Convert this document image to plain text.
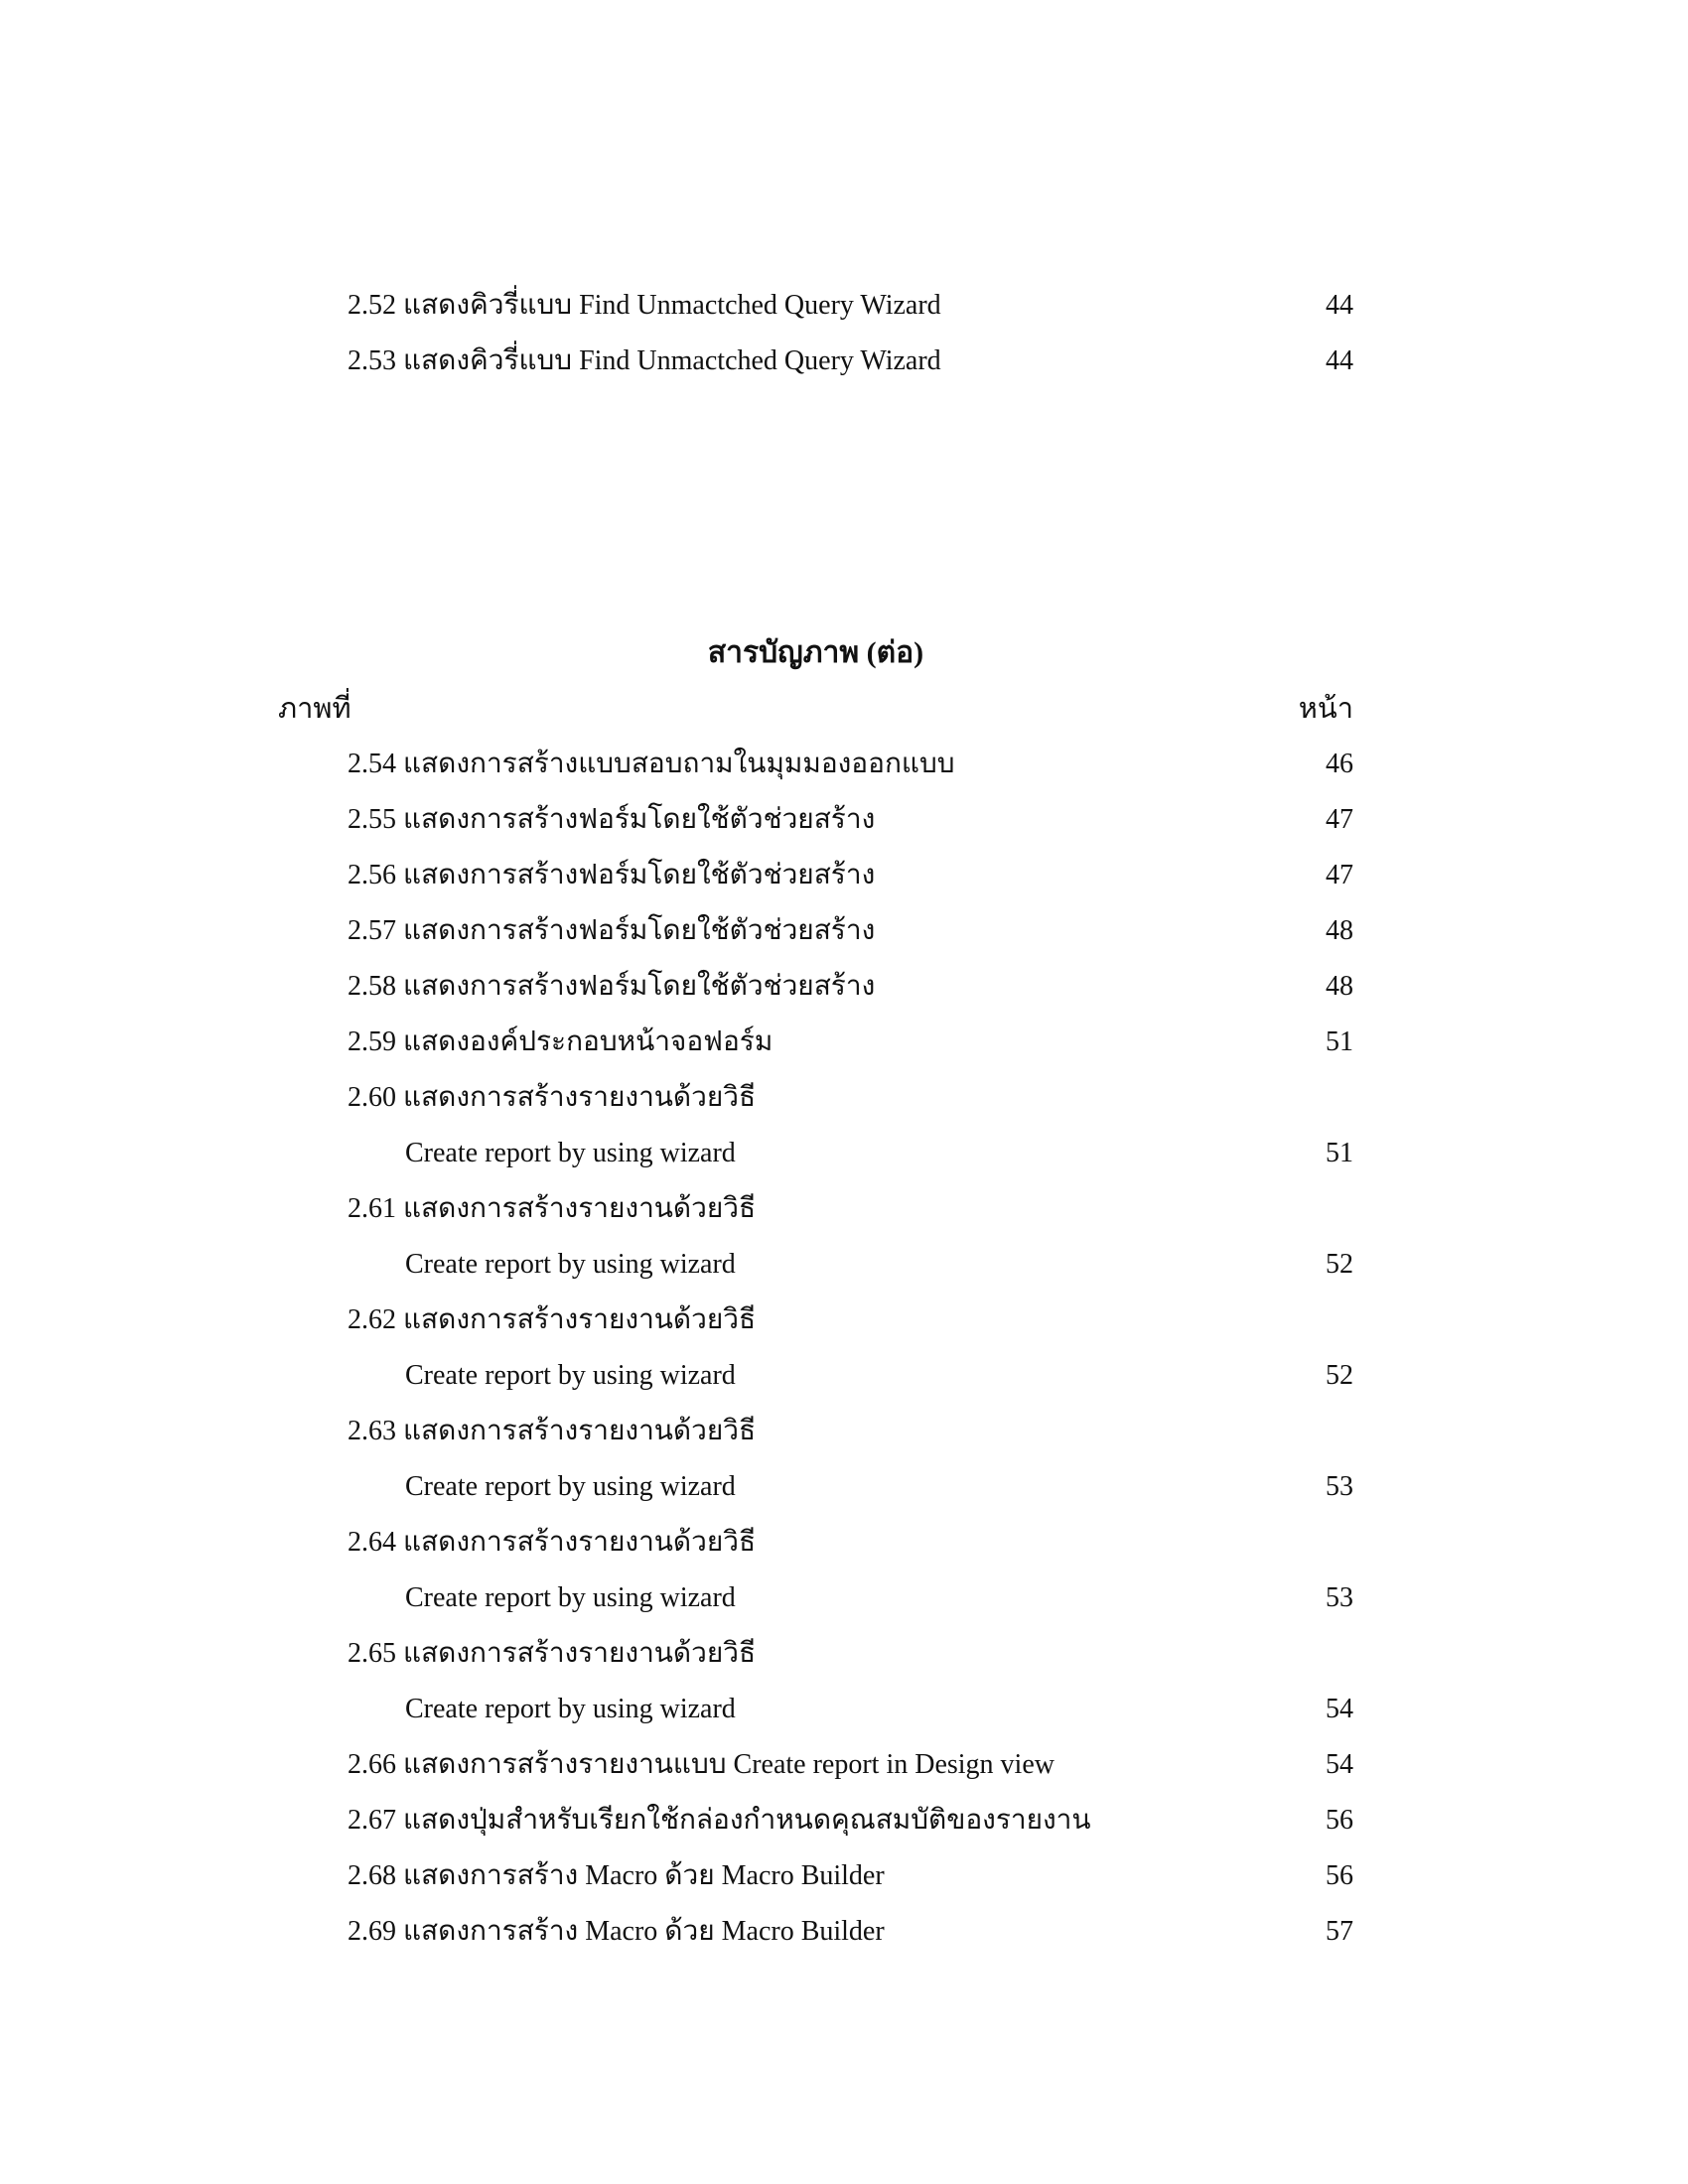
2.52 แสดงคิวรี่แบบ Find Unmactched Query Wizard	44
2.53 แสดงคิวรี่แบบ Find Unmactched Query Wizard	44
สารบัญภาพ (ต่อ)
ภาพที่	หน้า
2.54 แสดงการสร้างแบบสอบถามในมุมมองออกแบบ	46
2.55 แสดงการสร้างฟอร์มโดยใช้ตัวช่วยสร้าง	47
2.56 แสดงการสร้างฟอร์มโดยใช้ตัวช่วยสร้าง	47
2.57 แสดงการสร้างฟอร์มโดยใช้ตัวช่วยสร้าง	48
2.58 แสดงการสร้างฟอร์มโดยใช้ตัวช่วยสร้าง	48
2.59 แสดงองค์ประกอบหน้าจอฟอร์ม	51
2.60 แสดงการสร้างรายงานด้วยวิธี
Create report by using wizard	51
2.61 แสดงการสร้างรายงานด้วยวิธี
Create report by using wizard	52
2.62 แสดงการสร้างรายงานด้วยวิธี
Create report by using wizard	52
2.63 แสดงการสร้างรายงานด้วยวิธี
Create report by using wizard	53
2.64 แสดงการสร้างรายงานด้วยวิธี
Create report by using wizard	53
2.65 แสดงการสร้างรายงานด้วยวิธี
Create report by using wizard	54
2.66 แสดงการสร้างรายงานแบบ Create report in Design view	54
2.67 แสดงปุ่มสำหรับเรียกใช้กล่องกำหนดคุณสมบัติของรายงาน	56
2.68 แสดงการสร้าง Macro ด้วย Macro Builder	56
2.69 แสดงการสร้าง Macro ด้วย Macro Builder	57
